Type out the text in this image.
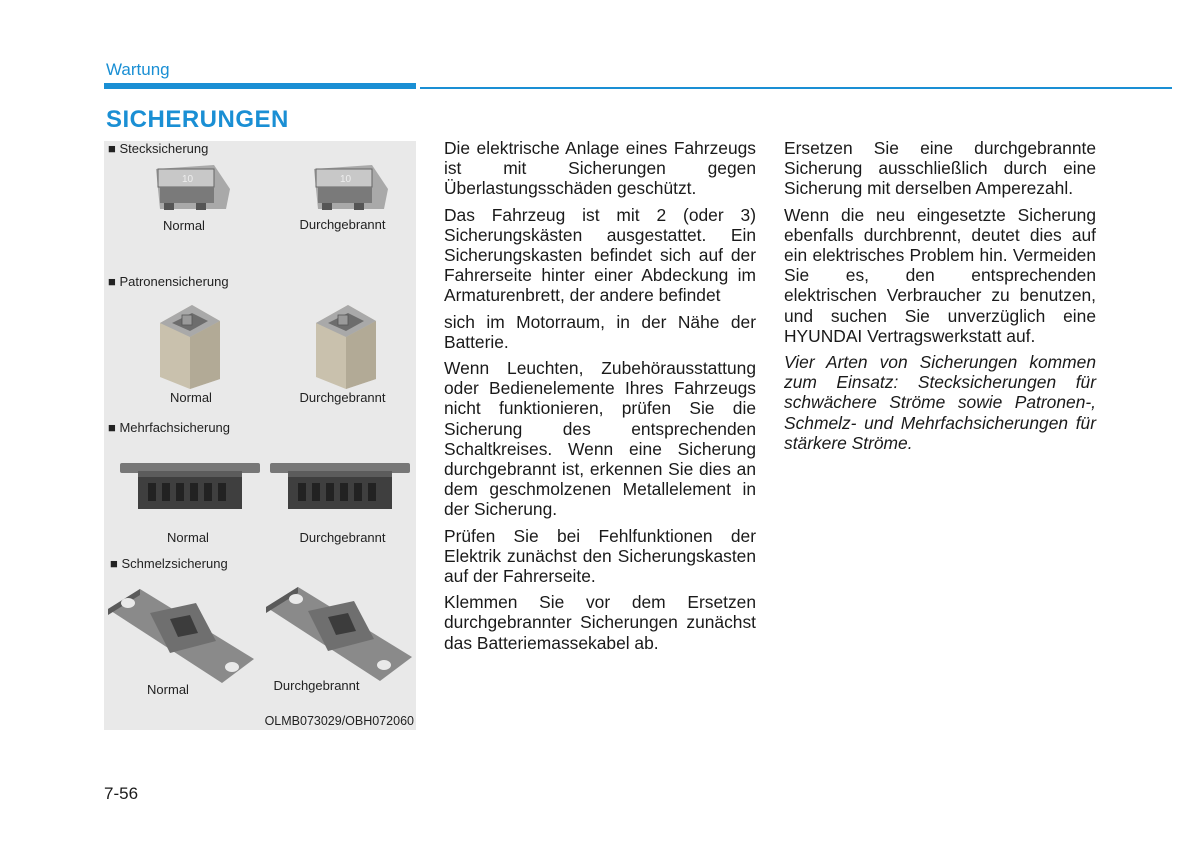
Wartung
SICHERUNGEN
■ Stecksicherung
10
Normal
10
Durchgebrannt
■ Patronensicherung
Normal	Durchgebrannt
■ Mehrfachsicherung
Normal	Durchgebrannt
■ Schmelzsicherung
Normal	Durchgebrannt
OLMB073029/OBH072060

Die elektrische Anlage eines Fahrzeugs ist mit Sicherungen gegen Überlastungsschäden geschützt.

Das Fahrzeug ist mit 2 (oder 3) Sicherungskästen ausgestattet. Ein Sicherungskasten befindet sich auf der Fahrerseite hinter einer Abdeckung im Armaturenbrett, der andere befindet

sich im Motorraum, in der Nähe der Batterie.

Wenn Leuchten, Zubehörausstattung oder Bedienelemente Ihres Fahrzeugs nicht funktionieren, prüfen Sie die Sicherung des entsprechenden Schaltkreises. Wenn eine Sicherung durchgebrannt ist, erkennen Sie dies an dem geschmolzenen Metallelement in der Sicherung.

Prüfen Sie bei Fehlfunktionen der Elektrik zunächst den Sicherungskasten auf der Fahrerseite.

Klemmen Sie vor dem Ersetzen durchgebrannter Sicherungen zunächst das Batteriemassekabel ab.

Ersetzen Sie eine durchgebrannte Sicherung ausschließlich durch eine Sicherung mit derselben Amperezahl.

Wenn die neu eingesetzte Sicherung ebenfalls durchbrennt, deutet dies auf ein elektrisches Problem hin. Vermeiden Sie es, den entsprechenden elektrischen Verbraucher zu benutzen, und suchen Sie unverzüglich eine HYUNDAI Vertragswerkstatt auf.

Vier Arten von Sicherungen kommen zum Einsatz: Stecksicherungen für schwächere Ströme sowie Patronen-, Schmelz- und Mehrfachsicherungen für stärkere Ströme.

7-56
